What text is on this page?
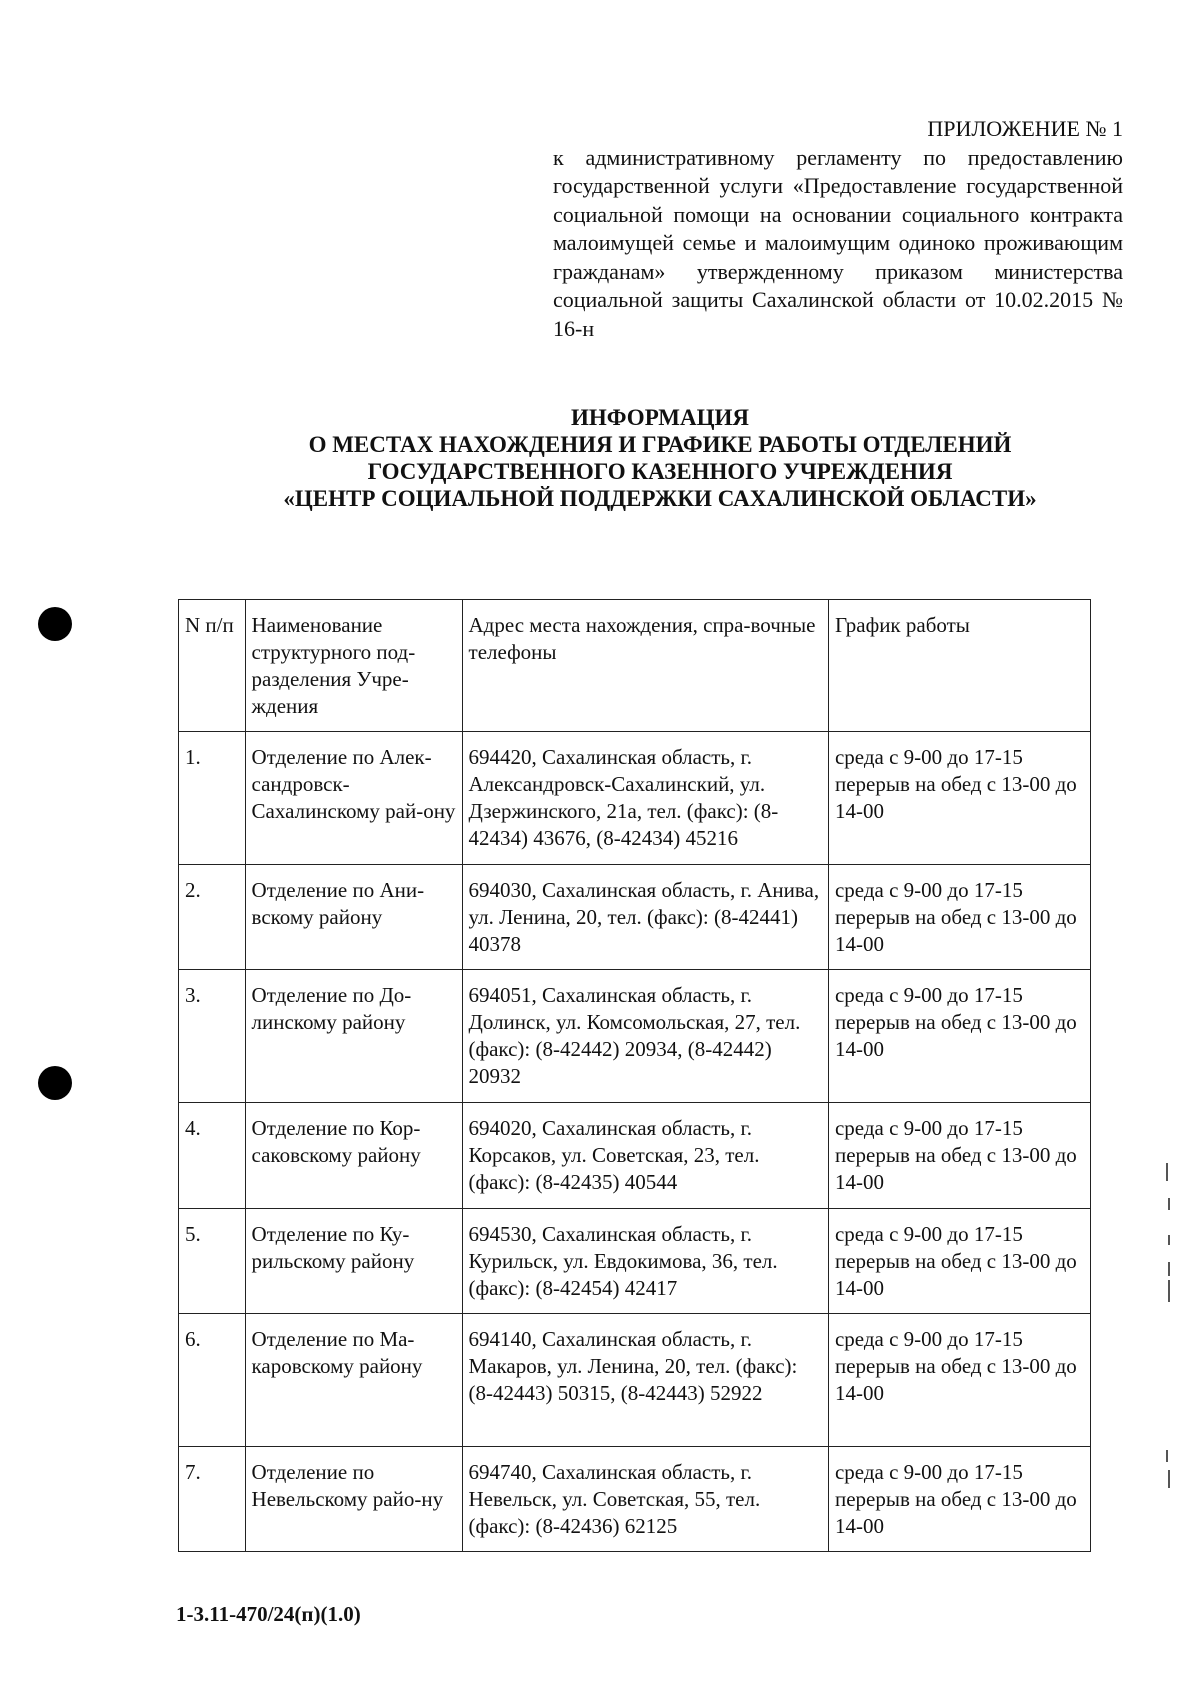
ПРИЛОЖЕНИЕ № 1
к административному регламенту по предоставлению государственной услуги «Предоставление государственной социальной помощи на основании социального контракта малоимущей семье и малоимущим одиноко проживающим гражданам» утвержденному приказом министерства социальной защиты Сахалинской области от 10.02.2015 № 16-н
ИНФОРМАЦИЯ
О МЕСТАХ НАХОЖДЕНИЯ И ГРАФИКЕ РАБОТЫ ОТДЕЛЕНИЙ
ГОСУДАРСТВЕННОГО КАЗЕННОГО УЧРЕЖДЕНИЯ
«ЦЕНТР СОЦИАЛЬНОЙ ПОДДЕРЖКИ САХАЛИНСКОЙ ОБЛАСТИ»
N п/п	Наименование структурного под-разделения Учре-ждения	Адрес места нахождения, спра-вочные телефоны	График работы
1.	Отделение по Алек-сандровск-Сахалинскому рай-ону	694420, Сахалинская область, г. Александровск-Сахалинский, ул. Дзержинского, 21а, тел. (факс): (8-42434) 43676, (8-42434) 45216	среда с 9-00 до 17-15 перерыв на обед с 13-00 до 14-00
2.	Отделение по Ани-вскому району	694030, Сахалинская область, г. Анива, ул. Ленина, 20, тел. (факс): (8-42441) 40378	среда с 9-00 до 17-15 перерыв на обед с 13-00 до 14-00
3.	Отделение по До-линскому району	694051, Сахалинская область, г. Долинск, ул. Комсомольская, 27, тел. (факс): (8-42442) 20934, (8-42442) 20932	среда с 9-00 до 17-15 перерыв на обед с 13-00 до 14-00
4.	Отделение по Кор-саковскому району	694020, Сахалинская область, г. Корсаков, ул. Советская, 23, тел. (факс): (8-42435) 40544	среда с 9-00 до 17-15 перерыв на обед с 13-00 до 14-00
5.	Отделение по Ку-рильскому району	694530, Сахалинская область, г. Курильск, ул. Евдокимова, 36, тел. (факс): (8-42454) 42417	среда с 9-00 до 17-15 перерыв на обед с 13-00 до 14-00
6.	Отделение по Ма-каровскому району	694140, Сахалинская область, г. Макаров, ул. Ленина, 20, тел. (факс): (8-42443) 50315, (8-42443) 52922	среда с 9-00 до 17-15 перерыв на обед с 13-00 до 14-00
7.	Отделение по Невельскому райо-ну	694740, Сахалинская область, г. Невельск, ул. Советская, 55, тел. (факс): (8-42436) 62125	среда с 9-00 до 17-15 перерыв на обед с 13-00 до 14-00
1-3.11-470/24(п)(1.0)
